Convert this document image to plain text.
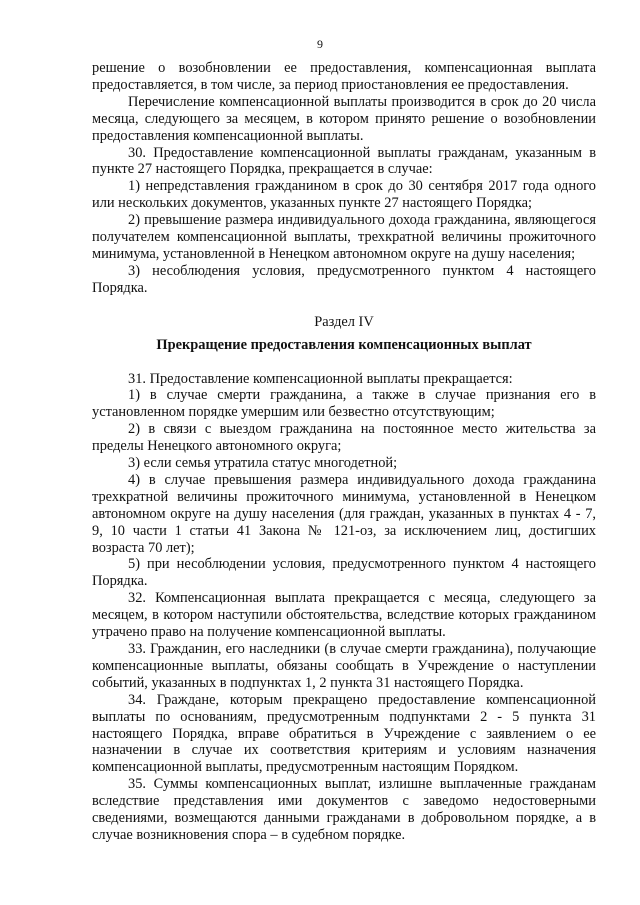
9

решение о возобновлении ее предоставления, компенсационная выплата предоставляется, в том числе, за период приостановления ее предоставления.

Перечисление компенсационной выплаты производится в срок до 20 числа месяца, следующего за месяцем, в котором принято решение о возобновлении предоставления компенсационной выплаты.

30. Предоставление компенсационной выплаты гражданам, указанным в пункте 27 настоящего Порядка, прекращается в случае:

1) непредставления гражданином в срок до 30 сентября 2017 года одного или нескольких документов, указанных пункте 27 настоящего Порядка;

2) превышение размера индивидуального дохода гражданина, являющегося получателем компенсационной выплаты, трехкратной величины прожиточного минимума, установленной в Ненецком автономном округе на душу населения;

3) несоблюдения условия, предусмотренного пунктом 4 настоящего Порядка.

Раздел IV

Прекращение предоставления компенсационных выплат

31. Предоставление компенсационной выплаты прекращается:

1) в случае смерти гражданина, а также в случае признания его в установленном порядке умершим или безвестно отсутствующим;

2) в связи с выездом гражданина на постоянное место жительства за пределы Ненецкого автономного округа;

3) если семья утратила статус многодетной;

4) в случае превышения размера индивидуального дохода гражданина трехкратной величины прожиточного минимума, установленной в Ненецком автономном округе на душу населения (для граждан, указанных в пунктах 4 - 7, 9, 10 части 1 статьи 41 Закона № 121-оз, за исключением лиц, достигших возраста 70 лет);

5) при несоблюдении условия, предусмотренного пунктом 4 настоящего Порядка.

32. Компенсационная выплата прекращается с месяца, следующего за месяцем, в котором наступили обстоятельства, вследствие которых гражданином утрачено право на получение компенсационной выплаты.

33. Гражданин, его наследники (в случае смерти гражданина), получающие компенсационные выплаты, обязаны сообщать в Учреждение о наступлении событий, указанных в подпунктах 1, 2 пункта 31 настоящего Порядка.

34. Граждане, которым прекращено предоставление компенсационной выплаты по основаниям, предусмотренным подпунктами 2 - 5 пункта 31 настоящего Порядка, вправе обратиться в Учреждение с заявлением о ее назначении в случае их соответствия критериям и условиям назначения компенсационной выплаты, предусмотренным настоящим Порядком.

35. Суммы компенсационных выплат, излишне выплаченные гражданам вследствие представления ими документов с заведомо недостоверными сведениями, возмещаются данными гражданами в добровольном порядке, а в случае возникновения спора – в судебном порядке.
